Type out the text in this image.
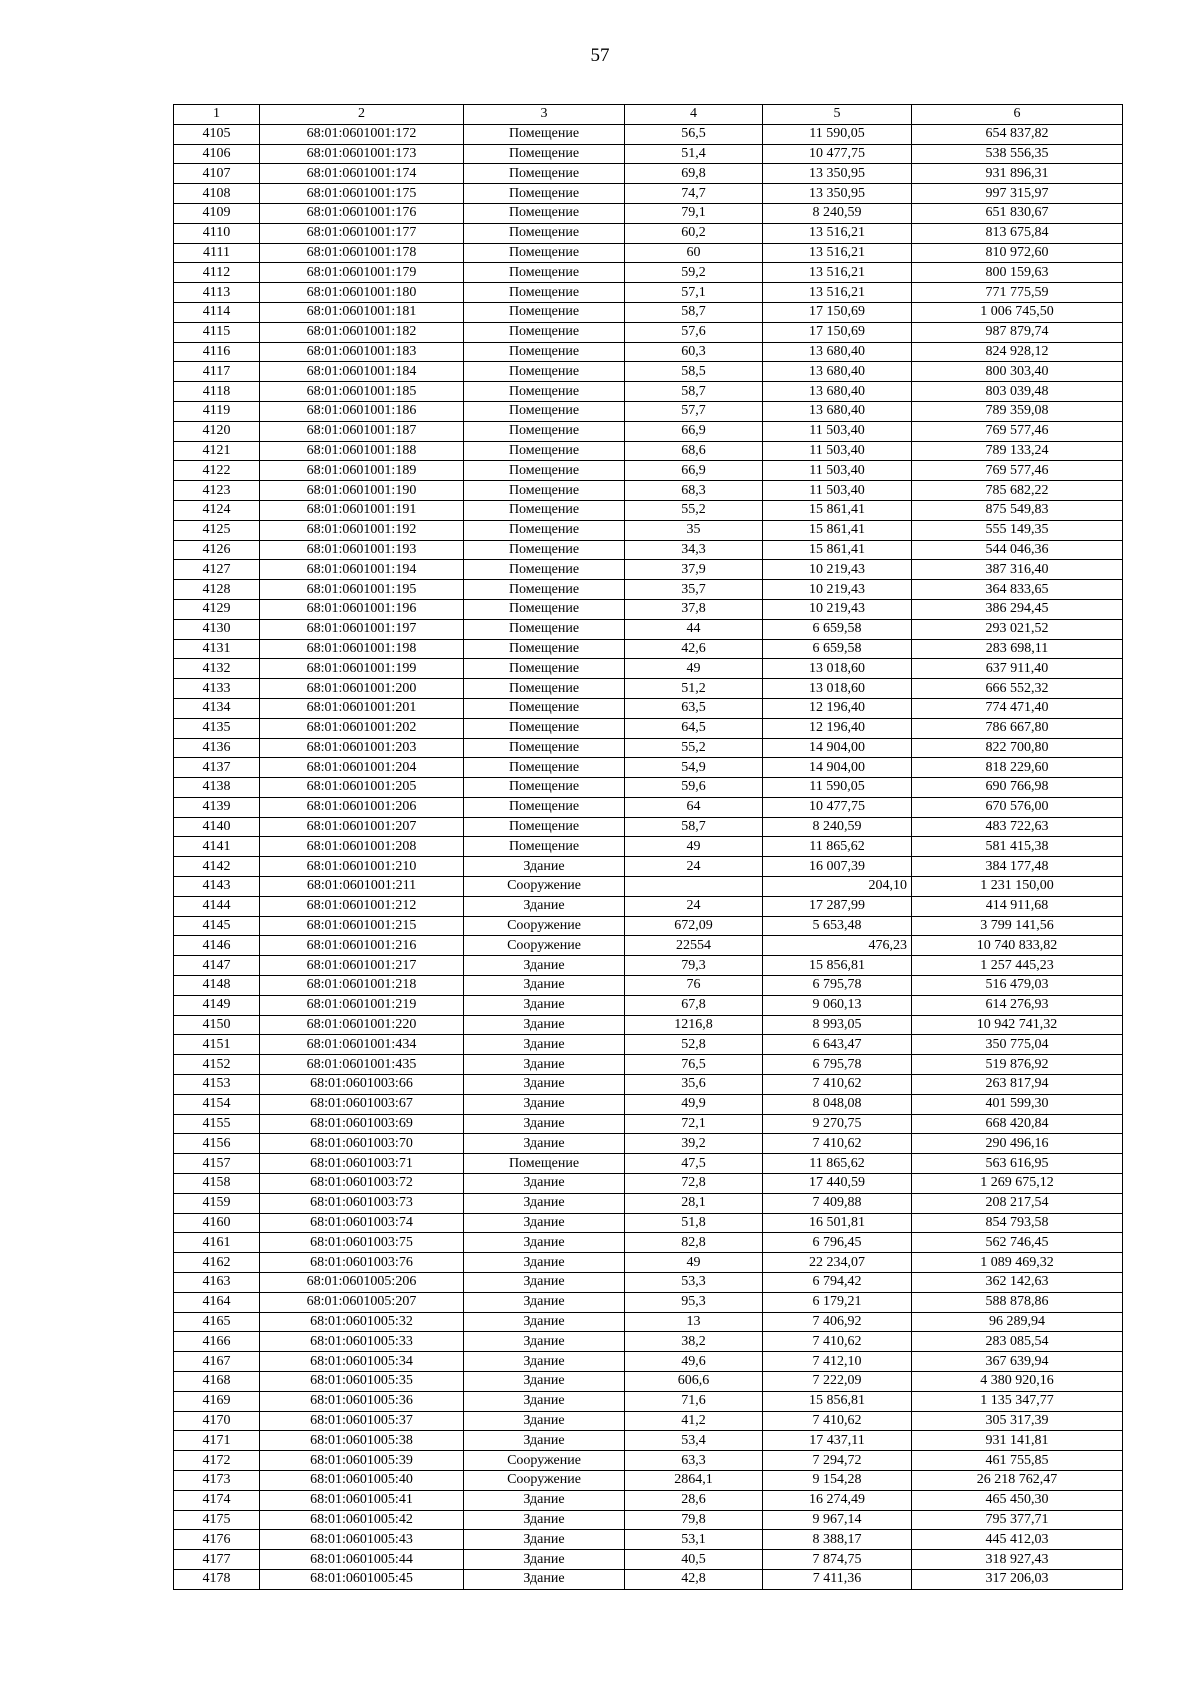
57
1	2	3	4	5	6
4105	68:01:0601001:172	Помещение	56,5	11 590,05	654 837,82
4106	68:01:0601001:173	Помещение	51,4	10 477,75	538 556,35
4107	68:01:0601001:174	Помещение	69,8	13 350,95	931 896,31
4108	68:01:0601001:175	Помещение	74,7	13 350,95	997 315,97
4109	68:01:0601001:176	Помещение	79,1	8 240,59	651 830,67
4110	68:01:0601001:177	Помещение	60,2	13 516,21	813 675,84
4111	68:01:0601001:178	Помещение	60	13 516,21	810 972,60
4112	68:01:0601001:179	Помещение	59,2	13 516,21	800 159,63
4113	68:01:0601001:180	Помещение	57,1	13 516,21	771 775,59
4114	68:01:0601001:181	Помещение	58,7	17 150,69	1 006 745,50
4115	68:01:0601001:182	Помещение	57,6	17 150,69	987 879,74
4116	68:01:0601001:183	Помещение	60,3	13 680,40	824 928,12
4117	68:01:0601001:184	Помещение	58,5	13 680,40	800 303,40
4118	68:01:0601001:185	Помещение	58,7	13 680,40	803 039,48
4119	68:01:0601001:186	Помещение	57,7	13 680,40	789 359,08
4120	68:01:0601001:187	Помещение	66,9	11 503,40	769 577,46
4121	68:01:0601001:188	Помещение	68,6	11 503,40	789 133,24
4122	68:01:0601001:189	Помещение	66,9	11 503,40	769 577,46
4123	68:01:0601001:190	Помещение	68,3	11 503,40	785 682,22
4124	68:01:0601001:191	Помещение	55,2	15 861,41	875 549,83
4125	68:01:0601001:192	Помещение	35	15 861,41	555 149,35
4126	68:01:0601001:193	Помещение	34,3	15 861,41	544 046,36
4127	68:01:0601001:194	Помещение	37,9	10 219,43	387 316,40
4128	68:01:0601001:195	Помещение	35,7	10 219,43	364 833,65
4129	68:01:0601001:196	Помещение	37,8	10 219,43	386 294,45
4130	68:01:0601001:197	Помещение	44	6 659,58	293 021,52
4131	68:01:0601001:198	Помещение	42,6	6 659,58	283 698,11
4132	68:01:0601001:199	Помещение	49	13 018,60	637 911,40
4133	68:01:0601001:200	Помещение	51,2	13 018,60	666 552,32
4134	68:01:0601001:201	Помещение	63,5	12 196,40	774 471,40
4135	68:01:0601001:202	Помещение	64,5	12 196,40	786 667,80
4136	68:01:0601001:203	Помещение	55,2	14 904,00	822 700,80
4137	68:01:0601001:204	Помещение	54,9	14 904,00	818 229,60
4138	68:01:0601001:205	Помещение	59,6	11 590,05	690 766,98
4139	68:01:0601001:206	Помещение	64	10 477,75	670 576,00
4140	68:01:0601001:207	Помещение	58,7	8 240,59	483 722,63
4141	68:01:0601001:208	Помещение	49	11 865,62	581 415,38
4142	68:01:0601001:210	Здание	24	16 007,39	384 177,48
4143	68:01:0601001:211	Сооружение		204,10	1 231 150,00
4144	68:01:0601001:212	Здание	24	17 287,99	414 911,68
4145	68:01:0601001:215	Сооружение	672,09	5 653,48	3 799 141,56
4146	68:01:0601001:216	Сооружение	22554	476,23	10 740 833,82
4147	68:01:0601001:217	Здание	79,3	15 856,81	1 257 445,23
4148	68:01:0601001:218	Здание	76	6 795,78	516 479,03
4149	68:01:0601001:219	Здание	67,8	9 060,13	614 276,93
4150	68:01:0601001:220	Здание	1216,8	8 993,05	10 942 741,32
4151	68:01:0601001:434	Здание	52,8	6 643,47	350 775,04
4152	68:01:0601001:435	Здание	76,5	6 795,78	519 876,92
4153	68:01:0601003:66	Здание	35,6	7 410,62	263 817,94
4154	68:01:0601003:67	Здание	49,9	8 048,08	401 599,30
4155	68:01:0601003:69	Здание	72,1	9 270,75	668 420,84
4156	68:01:0601003:70	Здание	39,2	7 410,62	290 496,16
4157	68:01:0601003:71	Помещение	47,5	11 865,62	563 616,95
4158	68:01:0601003:72	Здание	72,8	17 440,59	1 269 675,12
4159	68:01:0601003:73	Здание	28,1	7 409,88	208 217,54
4160	68:01:0601003:74	Здание	51,8	16 501,81	854 793,58
4161	68:01:0601003:75	Здание	82,8	6 796,45	562 746,45
4162	68:01:0601003:76	Здание	49	22 234,07	1 089 469,32
4163	68:01:0601005:206	Здание	53,3	6 794,42	362 142,63
4164	68:01:0601005:207	Здание	95,3	6 179,21	588 878,86
4165	68:01:0601005:32	Здание	13	7 406,92	96 289,94
4166	68:01:0601005:33	Здание	38,2	7 410,62	283 085,54
4167	68:01:0601005:34	Здание	49,6	7 412,10	367 639,94
4168	68:01:0601005:35	Здание	606,6	7 222,09	4 380 920,16
4169	68:01:0601005:36	Здание	71,6	15 856,81	1 135 347,77
4170	68:01:0601005:37	Здание	41,2	7 410,62	305 317,39
4171	68:01:0601005:38	Здание	53,4	17 437,11	931 141,81
4172	68:01:0601005:39	Сооружение	63,3	7 294,72	461 755,85
4173	68:01:0601005:40	Сооружение	2864,1	9 154,28	26 218 762,47
4174	68:01:0601005:41	Здание	28,6	16 274,49	465 450,30
4175	68:01:0601005:42	Здание	79,8	9 967,14	795 377,71
4176	68:01:0601005:43	Здание	53,1	8 388,17	445 412,03
4177	68:01:0601005:44	Здание	40,5	7 874,75	318 927,43
4178	68:01:0601005:45	Здание	42,8	7 411,36	317 206,03
